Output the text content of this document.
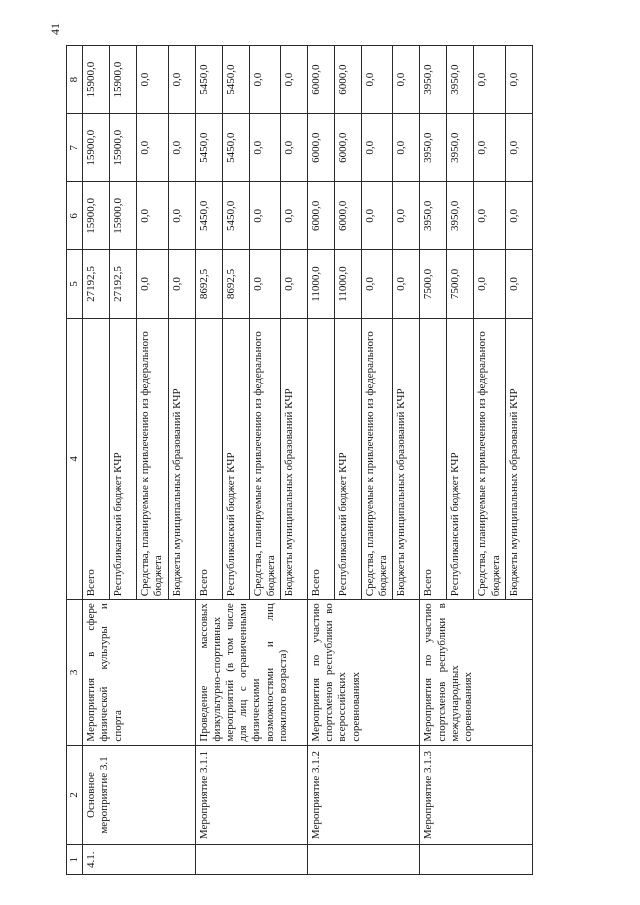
41
1	2	3	4	5	6	7	8
4.1.	Основное мероприятие 3.1	Мероприятия в сфере физической культуры и спорта	Всего	27192,5	15900,0	15900,0	15900,0
			Республиканский бюджет КЧР	27192,5	15900,0	15900,0	15900,0
			Средства, планируемые к привлечению из федерального бюджета	0,0	0,0	0,0	0,0
			Бюджеты муниципальных образований КЧР	0,0	0,0	0,0	0,0
	Мероприятие 3.1.1	Проведение массовых физкультурно-спортивных мероприятий (в том числе для лиц с ограниченными физическими возможностями и лиц пожилого возраста)	Всего	8692,5	5450,0	5450,0	5450,0
			Республиканский бюджет КЧР	8692,5	5450,0	5450,0	5450,0
			Средства, планируемые к привлечению из федерального бюджета	0,0	0,0	0,0	0,0
			Бюджеты муниципальных образований КЧР	0,0	0,0	0,0	0,0
	Мероприятие 3.1.2	Мероприятия по участию спортсменов республики во всероссийских соревнованиях	Всего	11000,0	6000,0	6000,0	6000,0
			Республиканский бюджет КЧР	11000,0	6000,0	6000,0	6000,0
			Средства, планируемые к привлечению из федерального бюджета	0,0	0,0	0,0	0,0
			Бюджеты муниципальных образований КЧР	0,0	0,0	0,0	0,0
	Мероприятие 3.1.3	Мероприятия по участию спортсменов республики в международных соревнованиях	Всего	7500,0	3950,0	3950,0	3950,0
			Республиканский бюджет КЧР	7500,0	3950,0	3950,0	3950,0
			Средства, планируемые к привлечению из федерального бюджета	0,0	0,0	0,0	0,0
			Бюджеты муниципальных образований КЧР	0,0	0,0	0,0	0,0
